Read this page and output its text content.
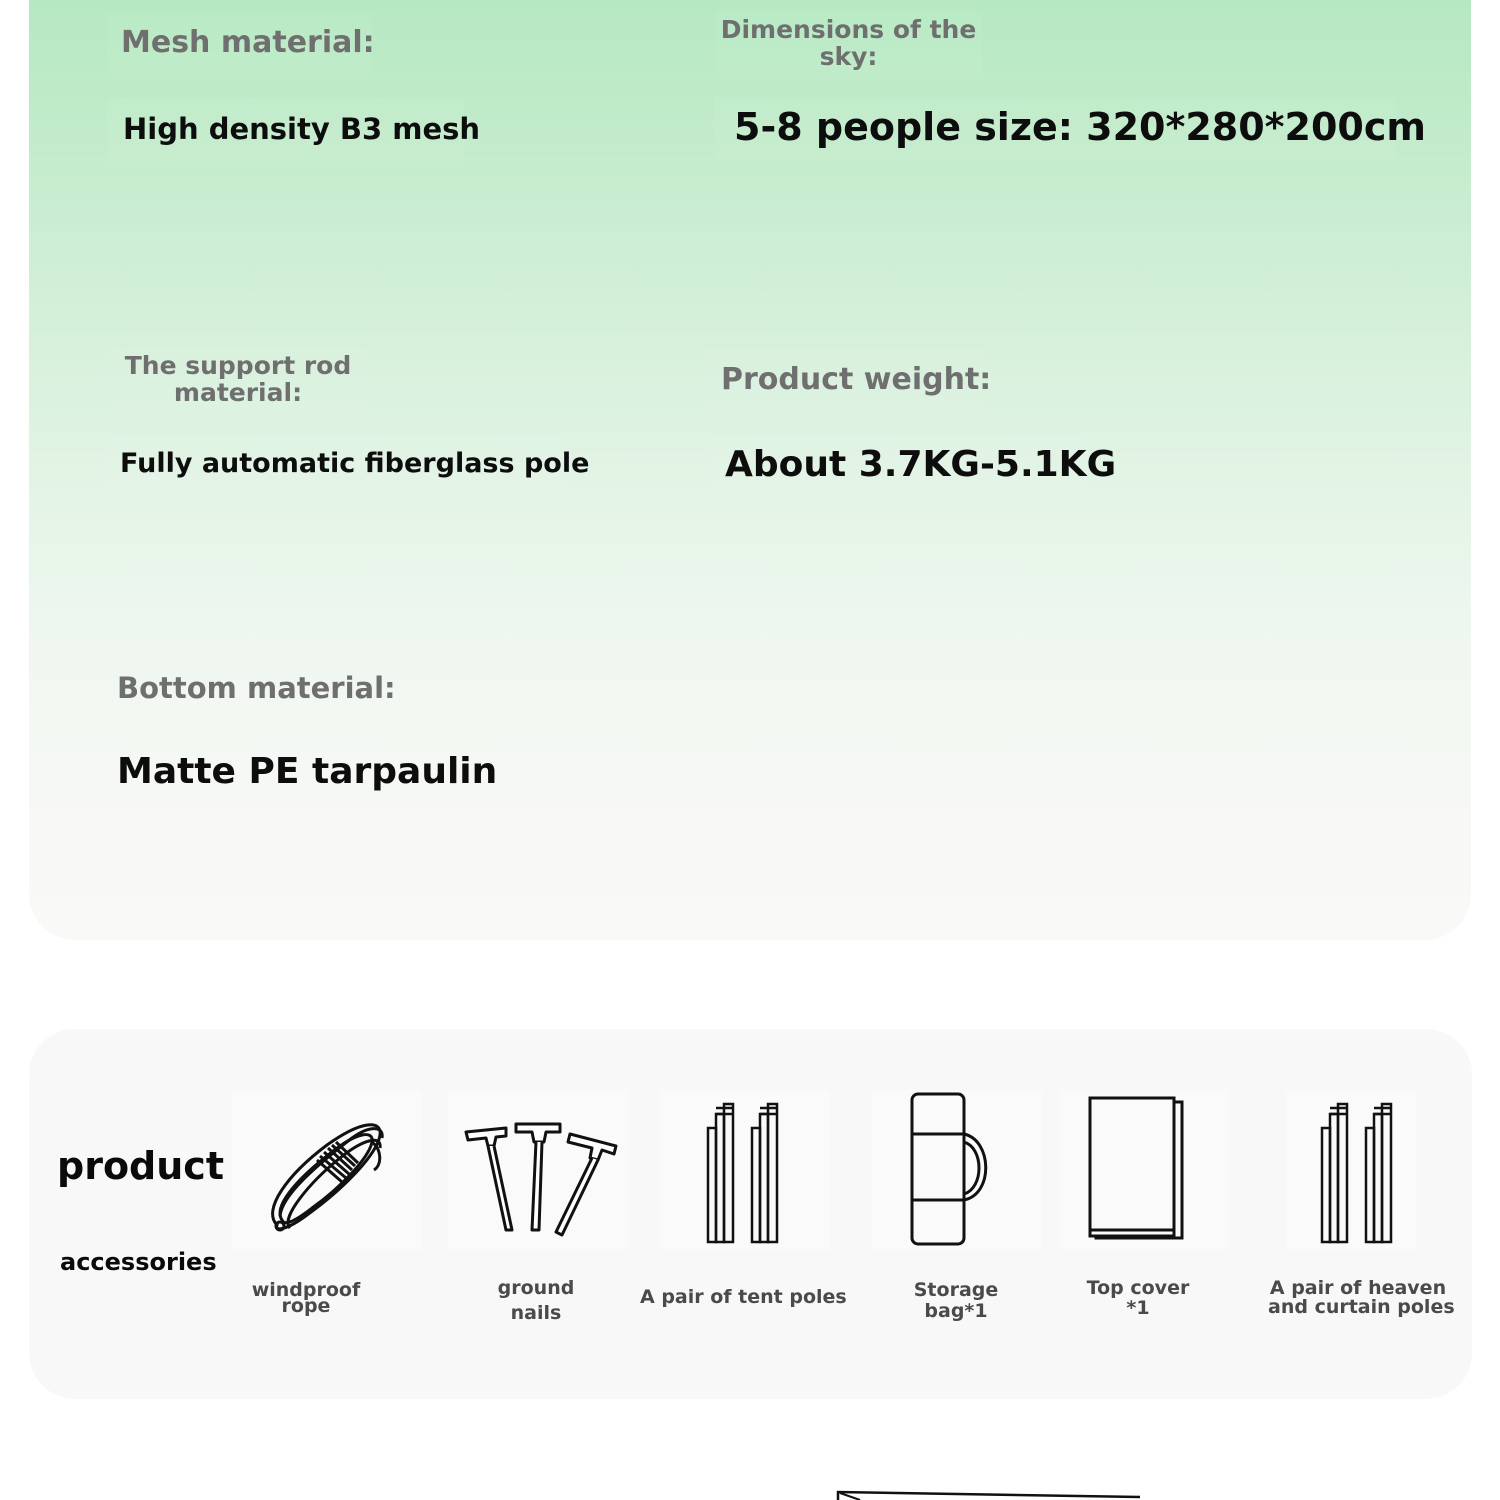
Mesh material:
High density B3 mesh
Dimensions of the
sky:
5-8 people size: 320*280*200cm
The support rod
material:
Fully automatic fiberglass pole
Product weight:
About 3.7KG-5.1KG
Bottom material:
Matte PE tarpaulin
product
accessories
windproof
rope
ground
nails
A pair of tent poles	Storage
bag*1
Top cover
*1
A pair of heaven
and curtain poles
